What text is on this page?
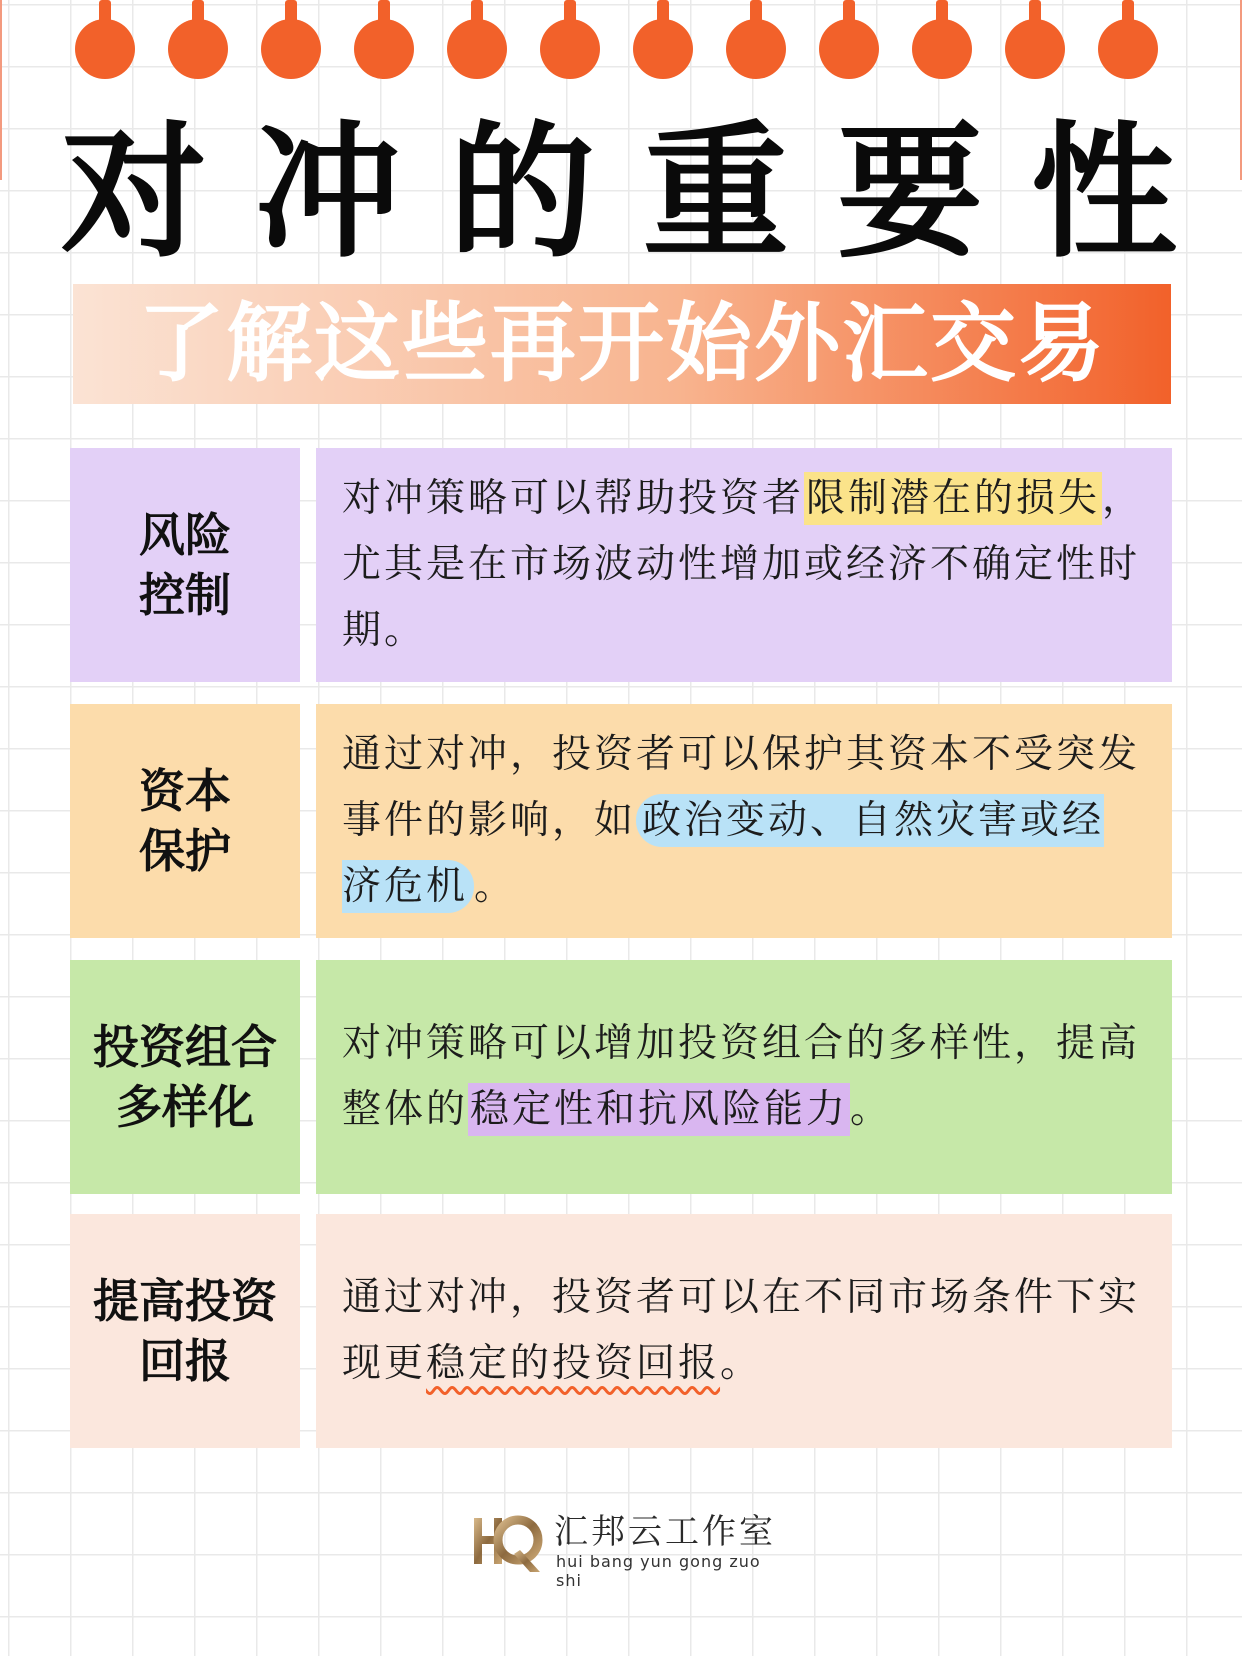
对冲的重要性
了解这些再开始外汇交易
风险
控制
对冲策略可以帮助投资者限制潜在的损失，尤其是在市场波动性增加或经济不确定性时期。
资本
保护
通过对冲，投资者可以保护其资本不受突发事件的影响，如 政治变动、自然灾害或经济危机 。
投资组合
多样化
对冲策略可以增加投资组合的多样性，提高整体的稳定性和抗风险能力。
提高投资
回报
通过对冲，投资者可以在不同市场条件下实现更稳定的投资回报。
汇邦云工作室
hui bang yun gong zuo shi
